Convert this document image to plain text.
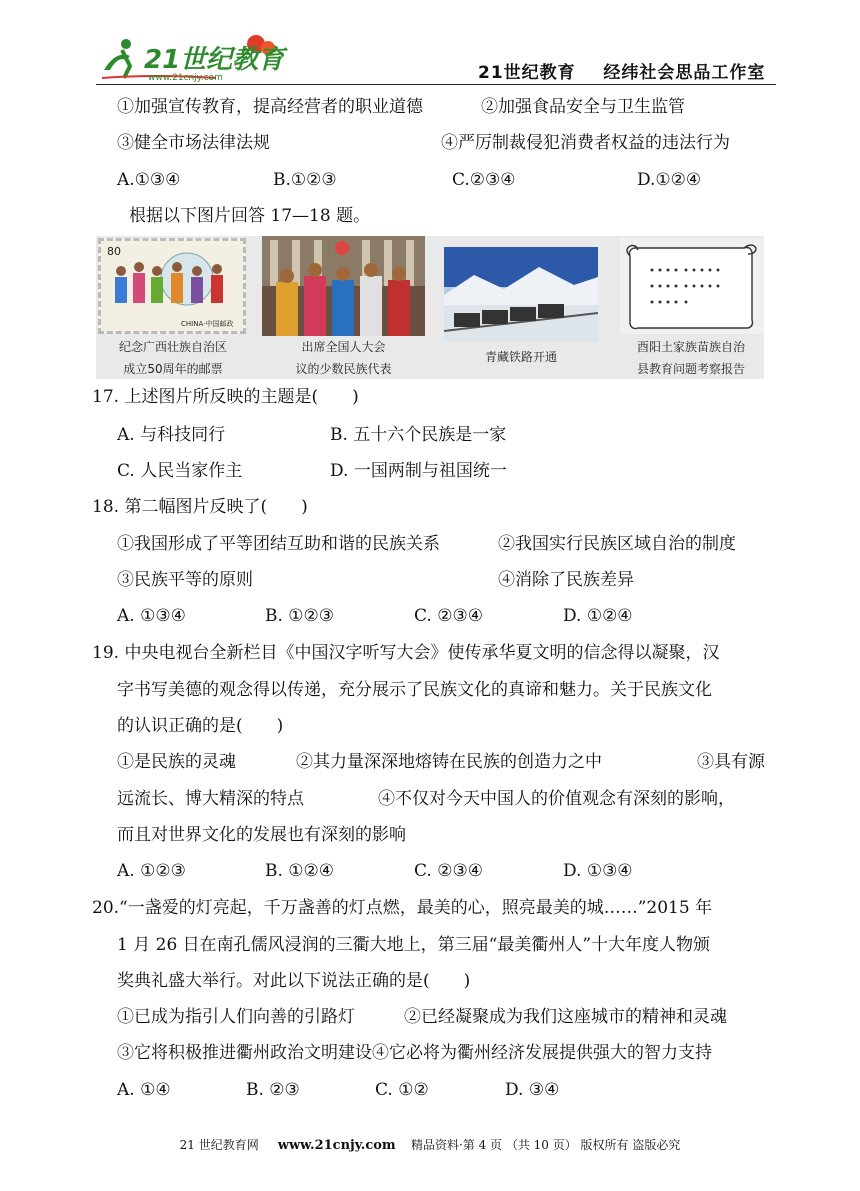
21世纪教育
www.21cnjy.com	21世纪教育 经纬社会思品工作室
①加强宣传教育，提高经营者的职业道德	②加强食品安全与卫生监管
③健全市场法律法规	④严厉制裁侵犯消费者权益的违法行为
A.①③④	B.①②③	C.②③④	D.①②④
根据以下图片回答 17—18 题。
80
CHINA·中国邮政
纪念广西壮族自治区
成立50周年的邮票
出席全国人大会
议的少数民族代表
青藏铁路开通
酉阳土家族苗族自治
县教育问题考察报告
17. 上述图片所反映的主题是(　　)
A. 与科技同行	B. 五十六个民族是一家
C. 人民当家作主	D. 一国两制与祖国统一
18. 第二幅图片反映了(　　)
①我国形成了平等团结互助和谐的民族关系	②我国实行民族区域自治的制度
③民族平等的原则	④消除了民族差异
A. ①③④	B. ①②③	C. ②③④	D. ①②④
19. 中央电视台全新栏目《中国汉字听写大会》使传承华夏文明的信念得以凝聚，汉
字书写美德的观念得以传递，充分展示了民族文化的真谛和魅力。关于民族文化
的认识正确的是(　　)
①是民族的灵魂	②其力量深深地熔铸在民族的创造力之中	③具有源
远流长、博大精深的特点	④不仅对今天中国人的价值观念有深刻的影响，
而且对世界文化的发展也有深刻的影响
A. ①②③	B. ①②④	C. ②③④	D. ①③④
20.“一盏爱的灯亮起，千万盏善的灯点燃，最美的心，照亮最美的城……”2015 年
1 月 26 日在南孔儒风浸润的三衢大地上，第三届“最美衢州人”十大年度人物颁
奖典礼盛大举行。对此以下说法正确的是(　　)
①已成为指引人们向善的引路灯	②已经凝聚成为我们这座城市的精神和灵魂
③它将积极推进衢州政治文明建设④它必将为衢州经济发展提供强大的智力支持
A. ①④	B. ②③	C. ①②	D. ③④
21 世纪教育网 www.21cnjy.com 精品资料·第 4 页 （共 10 页） 版权所有 盗版必究
